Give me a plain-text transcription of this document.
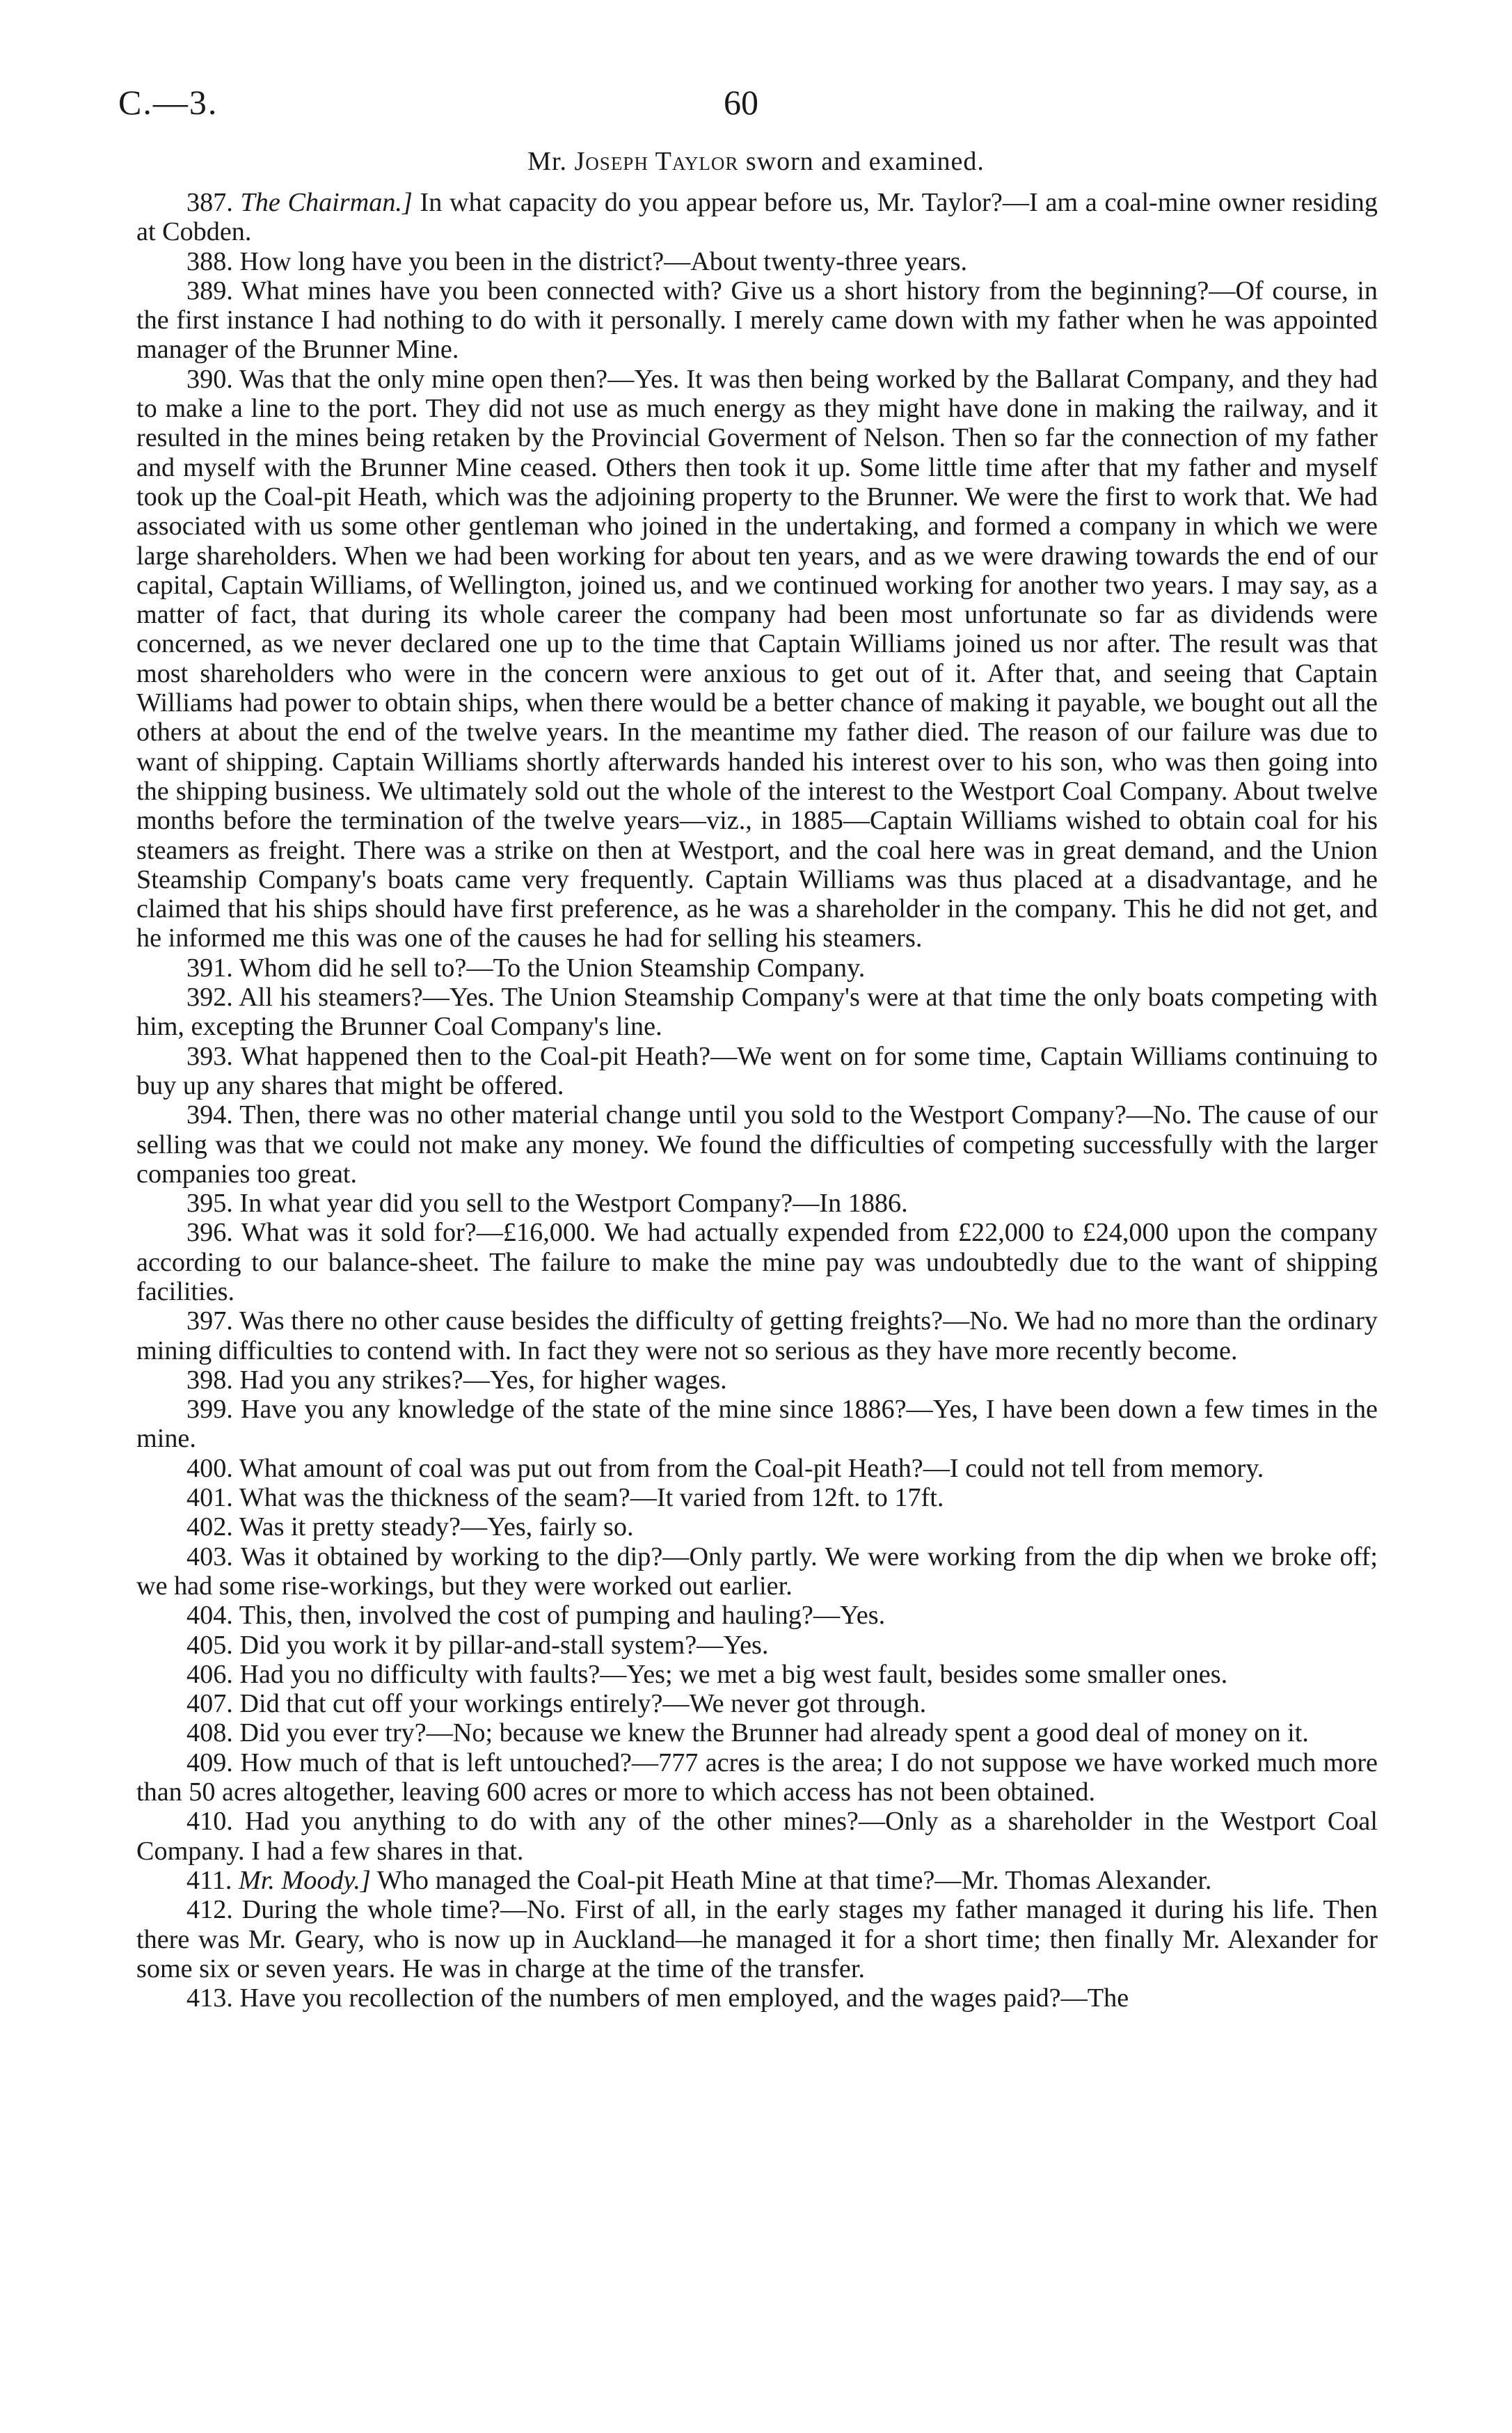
C.—3.	60
Mr. Joseph Taylor sworn and examined.

387. The Chairman.] In what capacity do you appear before us, Mr. Taylor?—I am a coal-mine owner residing at Cobden.

388. How long have you been in the district?—About twenty-three years.

389. What mines have you been connected with? Give us a short history from the beginning?—Of course, in the first instance I had nothing to do with it personally. I merely came down with my father when he was appointed manager of the Brunner Mine.

390. Was that the only mine open then?—Yes. It was then being worked by the Ballarat Company, and they had to make a line to the port. They did not use as much energy as they might have done in making the railway, and it resulted in the mines being retaken by the Provincial Goverment of Nelson. Then so far the connection of my father and myself with the Brunner Mine ceased. Others then took it up. Some little time after that my father and myself took up the Coal-pit Heath, which was the adjoining property to the Brunner. We were the first to work that. We had associated with us some other gentleman who joined in the undertaking, and formed a company in which we were large shareholders. When we had been working for about ten years, and as we were drawing towards the end of our capital, Captain Williams, of Wellington, joined us, and we continued working for another two years. I may say, as a matter of fact, that during its whole career the company had been most unfortunate so far as dividends were concerned, as we never declared one up to the time that Captain Williams joined us nor after. The result was that most shareholders who were in the concern were anxious to get out of it. After that, and seeing that Captain Williams had power to obtain ships, when there would be a better chance of making it payable, we bought out all the others at about the end of the twelve years. In the meantime my father died. The reason of our failure was due to want of shipping. Captain Williams shortly afterwards handed his interest over to his son, who was then going into the shipping business. We ultimately sold out the whole of the interest to the Westport Coal Company. About twelve months before the termination of the twelve years—viz., in 1885—Captain Williams wished to obtain coal for his steamers as freight. There was a strike on then at Westport, and the coal here was in great demand, and the Union Steamship Company's boats came very frequently. Captain Williams was thus placed at a disadvantage, and he claimed that his ships should have first preference, as he was a shareholder in the company. This he did not get, and he informed me this was one of the causes he had for selling his steamers.

391. Whom did he sell to?—To the Union Steamship Company.

392. All his steamers?—Yes. The Union Steamship Company's were at that time the only boats competing with him, excepting the Brunner Coal Company's line.

393. What happened then to the Coal-pit Heath?—We went on for some time, Captain Williams continuing to buy up any shares that might be offered.

394. Then, there was no other material change until you sold to the Westport Company?—No. The cause of our selling was that we could not make any money. We found the difficulties of competing successfully with the larger companies too great.

395. In what year did you sell to the Westport Company?—In 1886.

396. What was it sold for?—£16,000. We had actually expended from £22,000 to £24,000 upon the company according to our balance-sheet. The failure to make the mine pay was undoubtedly due to the want of shipping facilities.

397. Was there no other cause besides the difficulty of getting freights?—No. We had no more than the ordinary mining difficulties to contend with. In fact they were not so serious as they have more recently become.

398. Had you any strikes?—Yes, for higher wages.

399. Have you any knowledge of the state of the mine since 1886?—Yes, I have been down a few times in the mine.

400. What amount of coal was put out from from the Coal-pit Heath?—I could not tell from memory.

401. What was the thickness of the seam?—It varied from 12ft. to 17ft.

402. Was it pretty steady?—Yes, fairly so.

403. Was it obtained by working to the dip?—Only partly. We were working from the dip when we broke off; we had some rise-workings, but they were worked out earlier.

404. This, then, involved the cost of pumping and hauling?—Yes.

405. Did you work it by pillar-and-stall system?—Yes.

406. Had you no difficulty with faults?—Yes; we met a big west fault, besides some smaller ones.

407. Did that cut off your workings entirely?—We never got through.

408. Did you ever try?—No; because we knew the Brunner had already spent a good deal of money on it.

409. How much of that is left untouched?—777 acres is the area; I do not suppose we have worked much more than 50 acres altogether, leaving 600 acres or more to which access has not been obtained.

410. Had you anything to do with any of the other mines?—Only as a shareholder in the Westport Coal Company. I had a few shares in that.

411. Mr. Moody.] Who managed the Coal-pit Heath Mine at that time?—Mr. Thomas Alexander.

412. During the whole time?—No. First of all, in the early stages my father managed it during his life. Then there was Mr. Geary, who is now up in Auckland—he managed it for a short time; then finally Mr. Alexander for some six or seven years. He was in charge at the time of the transfer.

413. Have you recollection of the numbers of men employed, and the wages paid?—The
